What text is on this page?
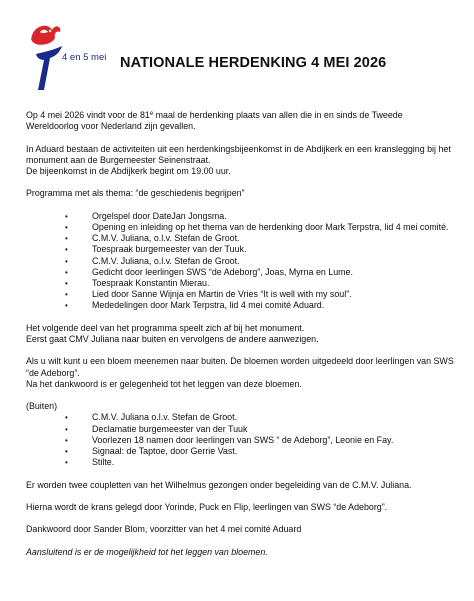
4 en 5 mei NATIONALE HERDENKING 4 MEI 2026

Op 4 mei 2026 vindt voor de 81e maal de herdenking plaats van allen die in en sinds de Tweede Wereldoorlog voor Nederland zijn gevallen.

In Aduard bestaan de activiteiten uit een herdenkingsbijeenkomst in de Abdijkerk en een kranslegging bij het monument aan de Burgemeester Seinenstraat.

De bijeenkomst in de Abdijkerk begint om 19.00 uur.

Programma met als thema: “de geschiedenis begrijpen”

•	Orgelspel door DateJan Jongsma.
•	Opening en inleiding op het thema van de herdenking door Mark Terpstra, lid 4 mei comité.
•	C.M.V. Juliana, o.l.v. Stefan de Groot.
•	Toespraak burgemeester van der Tuuk.
•	C.M.V. Juliana, o.l.v. Stefan de Groot.
•	Gedicht door leerlingen SWS “de Adeborg”, Joas, Myrna en Lume.
•	Toespraak Konstantin Mierau.
•	Lied door Sanne Wijnja en Martin de Vries “It is well with my soul”.
•	Mededelingen door Mark Terpstra, lid 4 mei comité Aduard.

Het volgende deel van het programma speelt zich af bij het monument.

Eerst gaat CMV Juliana naar buiten en vervolgens de andere aanwezigen.

Als u wilt kunt u een bloem meenemen naar buiten. De bloemen worden uitgedeeld door leerlingen van SWS “de Adeborg”.

Na het dankwoord is er gelegenheid tot het leggen van deze bloemen.

(Buiten)

•	C.M.V. Juliana o.l.v. Stefan de Groot.
•	Declamatie burgemeester van der Tuuk
•	Voorlezen 18 namen door leerlingen van SWS “ de Adeborg”, Leonie en Fay.
•	Signaal: de Taptoe, door Gerrie Vast.
•	Stilte.

Er worden twee coupletten van het Wilhelmus gezongen onder begeleiding van de C.M.V. Juliana.

Hierna wordt de krans gelegd door Yorinde, Puck en Flip, leerlingen van SWS “de Adeborg”.

Dankwoord door Sander Blom, voorzitter van het 4 mei comité Aduard

Aansluitend is er de mogelijkheid tot het leggen van bloemen.
